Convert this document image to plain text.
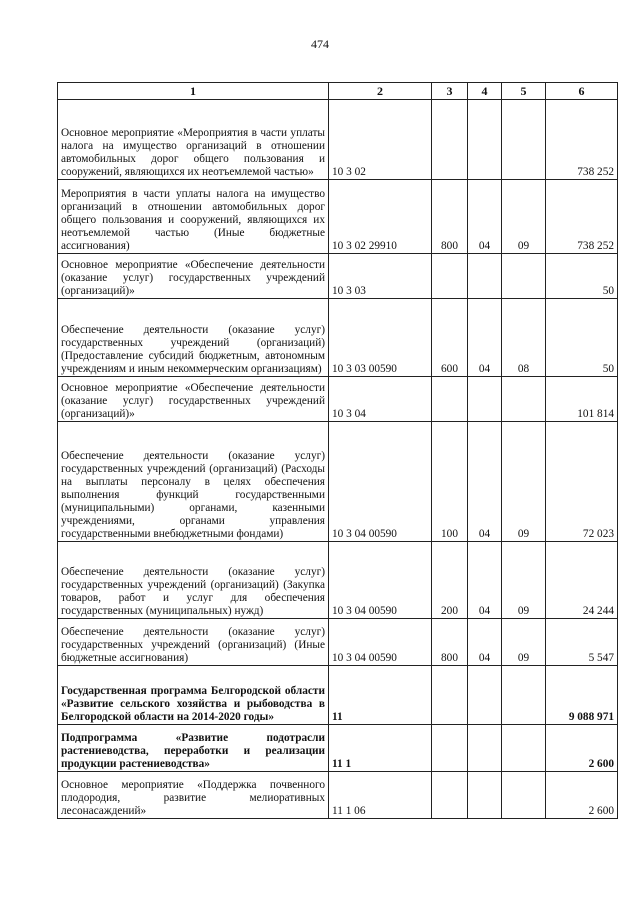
474
1	2	3	4	5	6
Основное мероприятие «Мероприятия в части уплаты налога на имущество организаций в отношении автомобильных дорог общего пользования и сооружений, являющихся их неотъемлемой частью»	10 3 02				738 252
Мероприятия в части уплаты налога на имущество организаций в отношении автомобильных дорог общего пользования и сооружений, являющихся их неотъемлемой частью (Иные бюджетные ассигнования)	10 3 02 29910	800	04	09	738 252
Основное мероприятие «Обеспечение деятельности (оказание услуг) государственных учреждений (организаций)»	10 3 03				50
Обеспечение деятельности (оказание услуг) государственных учреждений (организаций) (Предоставление субсидий бюджетным, автономным учреждениям и иным некоммерческим организациям)	10 3 03 00590	600	04	08	50
Основное мероприятие «Обеспечение деятельности (оказание услуг) государственных учреждений (организаций)»	10 3 04				101 814
Обеспечение деятельности (оказание услуг) государственных учреждений (организаций) (Расходы на выплаты персоналу в целях обеспечения выполнения функций государственными (муниципальными) органами, казенными учреждениями, органами управления государственными внебюджетными фондами)	10 3 04 00590	100	04	09	72 023
Обеспечение деятельности (оказание услуг) государственных учреждений (организаций) (Закупка товаров, работ и услуг для обеспечения государственных (муниципальных) нужд)	10 3 04 00590	200	04	09	24 244
Обеспечение деятельности (оказание услуг) государственных учреждений (организаций) (Иные бюджетные ассигнования)	10 3 04 00590	800	04	09	5 547
Государственная программа Белгородской области «Развитие сельского хозяйства и рыбоводства в Белгородской области на 2014-2020 годы»	11				9 088 971
Подпрограмма «Развитие подотрасли растениеводства, переработки и реализации продукции растениеводства»	11 1				2 600
Основное мероприятие «Поддержка почвенного плодородия, развитие мелиоративных лесонасаждений»	11 1 06				2 600
